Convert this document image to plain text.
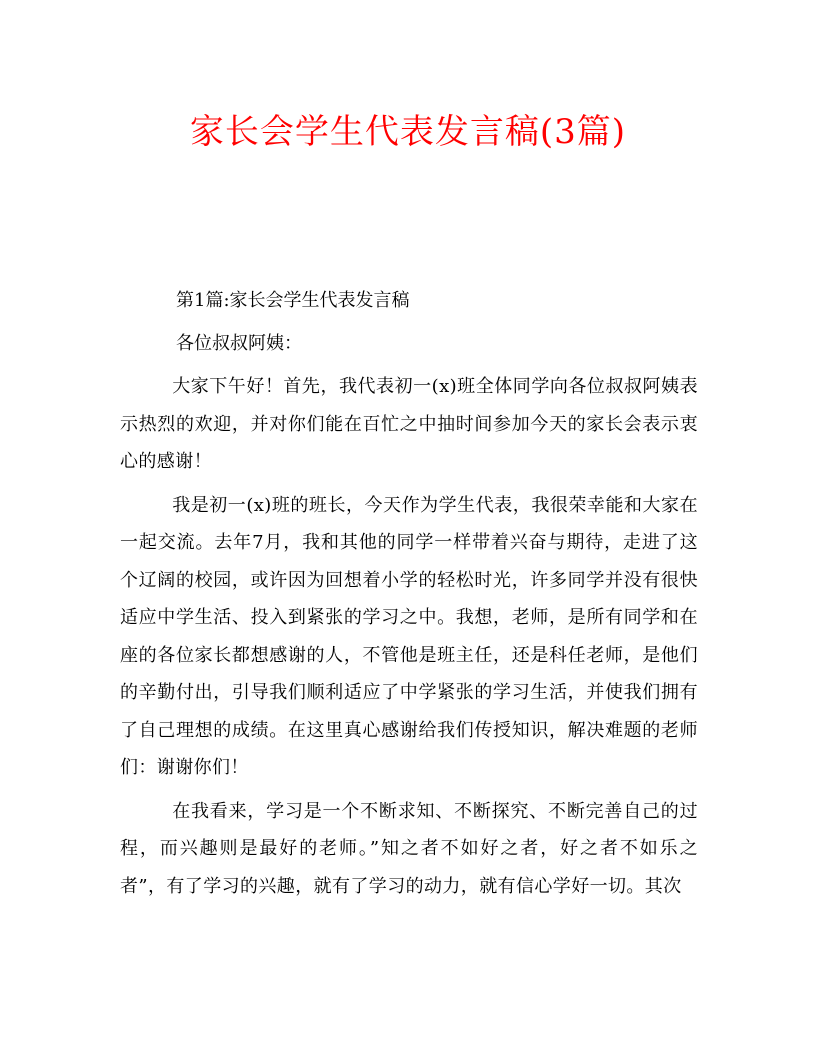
家长会学生代表发言稿(3篇)
第1篇:家长会学生代表发言稿
各位叔叔阿姨：

大家下午好！首先，我代表初一(x)班全体同学向各位叔叔阿姨表示热烈的欢迎，并对你们能在百忙之中抽时间参加今天的家长会表示衷心的感谢！

我是初一(x)班的班长，今天作为学生代表，我很荣幸能和大家在一起交流。去年7月，我和其他的同学一样带着兴奋与期待，走进了这个辽阔的校园，或许因为回想着小学的轻松时光，许多同学并没有很快适应中学生活、投入到紧张的学习之中。我想，老师，是所有同学和在座的各位家长都想感谢的人，不管他是班主任，还是科任老师，是他们的辛勤付出，引导我们顺利适应了中学紧张的学习生活，并使我们拥有了自己理想的成绩。在这里真心感谢给我们传授知识，解决难题的老师们：谢谢你们！

在我看来，学习是一个不断求知、不断探究、不断完善自己的过程，而兴趣则是最好的老师。”知之者不如好之者，好之者不如乐之者”，有了学习的兴趣，就有了学习的动力，就有信心学好一切。其次
